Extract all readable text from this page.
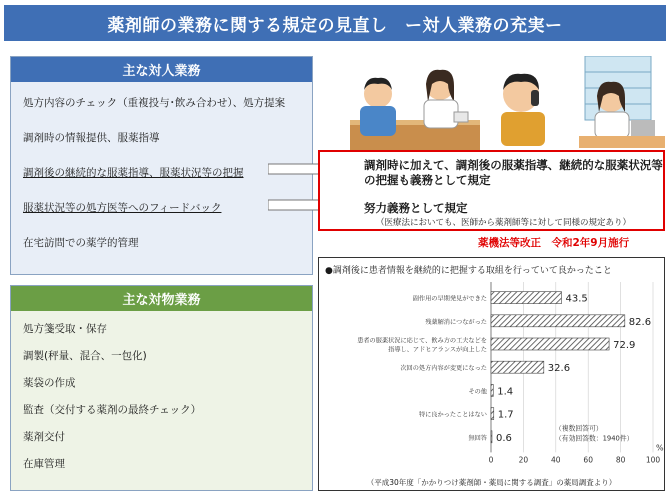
薬剤師の業務に関する規定の見直し　ー対人業務の充実ー
主な対人業務
処方内容のチェック（重複投与･飲み合わせ）、処方提案
調剤時の情報提供、服薬指導
調剤後の継続的な服薬指導、服薬状況等の把握
服薬状況等の処方医等へのフィードバック
在宅訪問での薬学的管理
調剤時に加えて、調剤後の服薬指導、継続的な服薬状況等の把握も義務として規定
努力義務として規定
（医療法においても、医師から薬剤師等に対して同様の規定あり）
薬機法等改正　令和2年9月施行
主な対物業務
処方箋受取・保存
調製(秤量、混合、一包化)
薬袋の作成
監査（交付する薬剤の最終チェック）
薬剤交付
在庫管理
●調剤後に患者情報を継続的に把握する取組を行っていて良かったこと
43.5
副作用の早期発見ができた
82.6
残薬解消につながった
72.9
患者の服薬状況に応じて、飲み方の工夫などを
指導し、アドヒアランスが向上した
32.6
次回の処方内容が変更になった
1.4
その他
1.7
特に良かったことはない
0.6
無回答
0	20	40	60	80	100
%
（複数回答可）
（有効回答数：1940件）
（平成30年度「かかりつけ薬剤師・薬局に関する調査」の薬局調査より）
